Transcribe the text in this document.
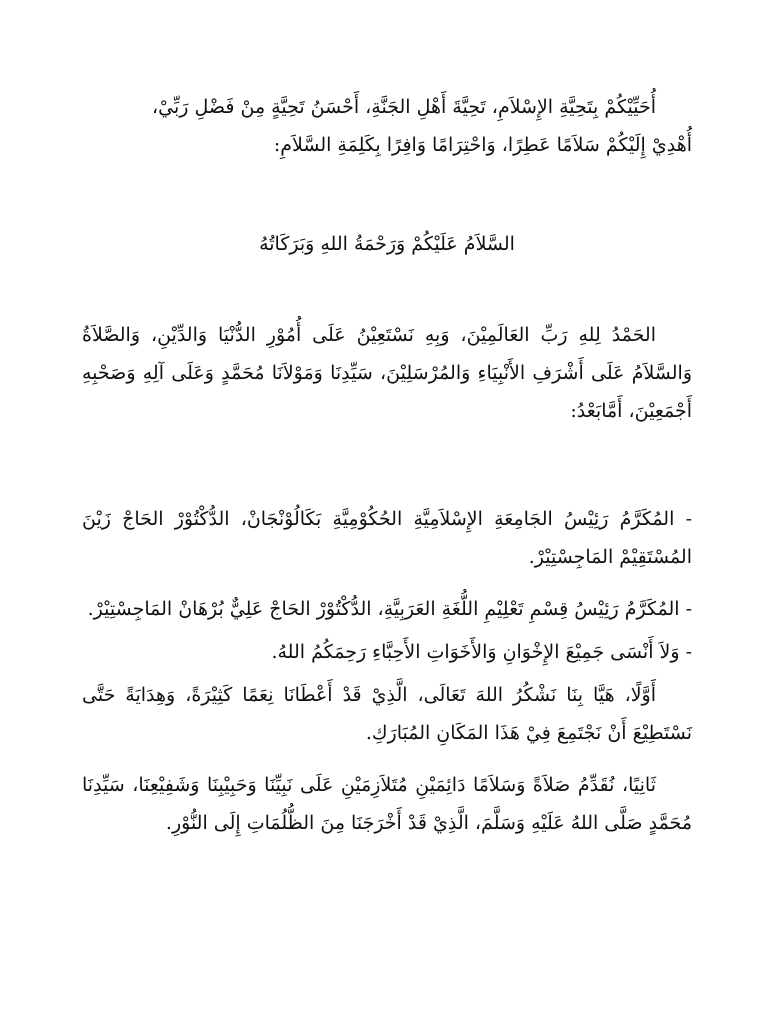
أُحَيِّيْكُمْ بِتَحِيَّةِ الإِسْلاَمِ، تَحِيَّةَ أَهْلِ الجَنَّةِ، أَحْسَنُ تَحِيَّةٍ مِنْ فَضْلِ رَبِّيْ،
أُهْدِيْ إِلَيْكُمْ سَلاَمًا عَطِرًا، وَاحْتِرَامًا وَافِرًا بِكَلِمَةِ السَّلاَمِ:

السَّلاَمُ عَلَيْكُمْ وَرَحْمَةُ اللهِ وَبَرَكَاتُهُ

الحَمْدُ لِلهِ رَبِّ العَالَمِيْنَ، وَبِهِ نَسْتَعِيْنُ عَلَى أُمُوْرِ الدُّنْيَا وَالدِّيْنِ، وَالصَّلاَةُ وَالسَّلاَمُ عَلَى أَشْرَفِ الأَنْبِيَاءِ وَالمُرْسَلِيْنَ، سَيِّدِنَا وَمَوْلاَنَا مُحَمَّدٍ وَعَلَى آلِهِ وَصَحْبِهِ أَجْمَعِيْنَ، أَمَّابَعْدُ:

- المُكَرَّمُ رَئِيْسُ الجَامِعَةِ الإِسْلاَمِيَّةِ الحُكُوْمِيَّةِ بَكَالُوْنْجَانْ، الدُّكْتُوْرْ الحَاجْ زَيْنَ المُسْتَقِيْمْ المَاجِسْتِيْرْ.

- المُكَرَّمُ رَئِيْسُ قِسْمِ تَعْلِيْمِ اللُّغَةِ العَرَبِيَّةِ، الدُّكْتُوْرْ الحَاجْ عَلِيٌّ بُرْهَانْ المَاجِسْتِيْرْ.

- وَلاَ أَنْسَى جَمِيْعَ الإِخْوَانِ وَالأَخَوَاتِ الأَحِبَّاءِ رَحِمَكُمُ اللهُ.

أَوَّلًا، هَيَّا بِنَا نَشْكُرُ اللهَ تَعَالَى، الَّذِيْ قَدْ أَعْطَانَا نِعَمًا كَثِيْرَةً، وَهِدَايَةً حَتَّى نَسْتَطِيْعَ أَنْ نَجْتَمِعَ فِيْ هَذَا المَكَانِ المُبَارَكِ.

ثَانِيًا، نُقَدِّمُ صَلاَةً وَسَلاَمًا دَائِمَيْنِ مُتَلاَزِمَيْنِ عَلَى نَبِيِّنَا وَحَبِيْبِنَا وَشَفِيْعِنَا، سَيِّدِنَا مُحَمَّدٍ صَلَّى اللهُ عَلَيْهِ وَسَلَّمَ، الَّذِيْ قَدْ أَخْرَجَنَا مِنَ الظُّلُمَاتِ إِلَى النُّوْرِ.
